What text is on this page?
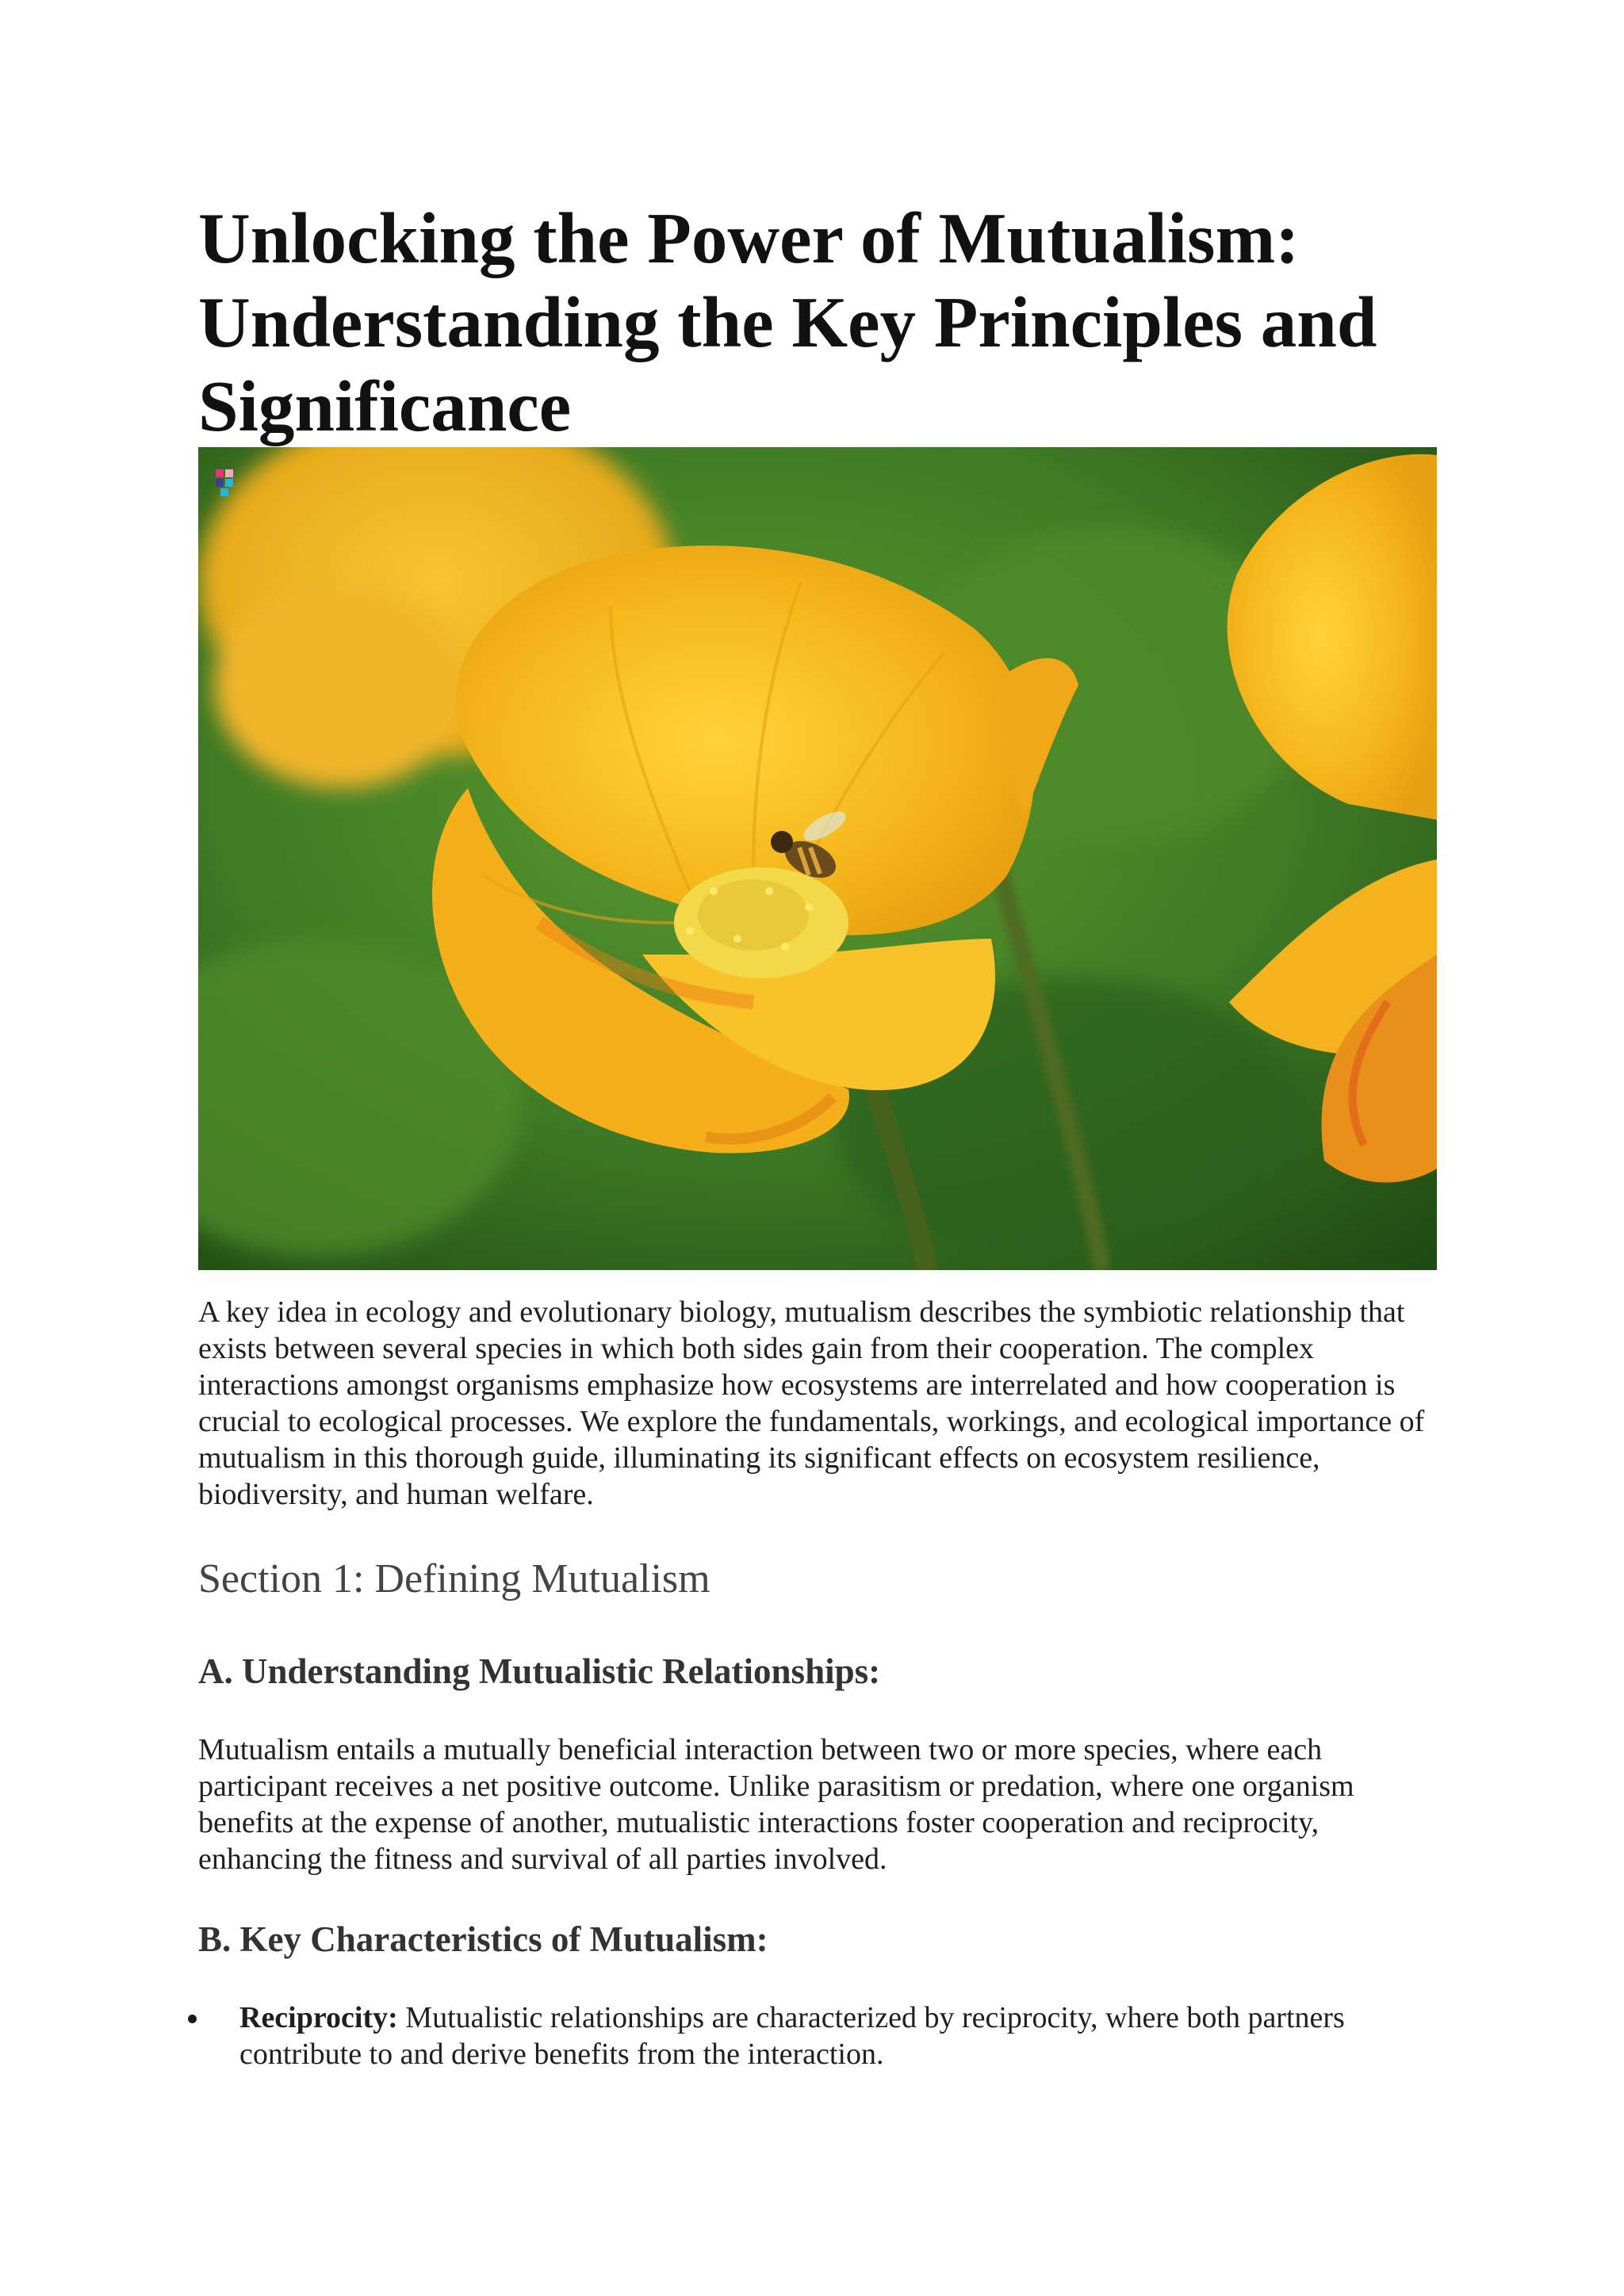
Unlocking the Power of Mutualism: Understanding the Key Principles and Significance

A key idea in ecology and evolutionary biology, mutualism describes the symbiotic relationship that exists between several species in which both sides gain from their cooperation. The complex interactions amongst organisms emphasize how ecosystems are interrelated and how cooperation is crucial to ecological processes. We explore the fundamentals, workings, and ecological importance of mutualism in this thorough guide, illuminating its significant effects on ecosystem resilience, biodiversity, and human welfare.

Section 1: Defining Mutualism
A. Understanding Mutualistic Relationships:

Mutualism entails a mutually beneficial interaction between two or more species, where each participant receives a net positive outcome. Unlike parasitism or predation, where one organism benefits at the expense of another, mutualistic interactions foster cooperation and reciprocity, enhancing the fitness and survival of all parties involved.

B. Key Characteristics of Mutualism:
Reciprocity: Mutualistic relationships are characterized by reciprocity, where both partners contribute to and derive benefits from the interaction.
